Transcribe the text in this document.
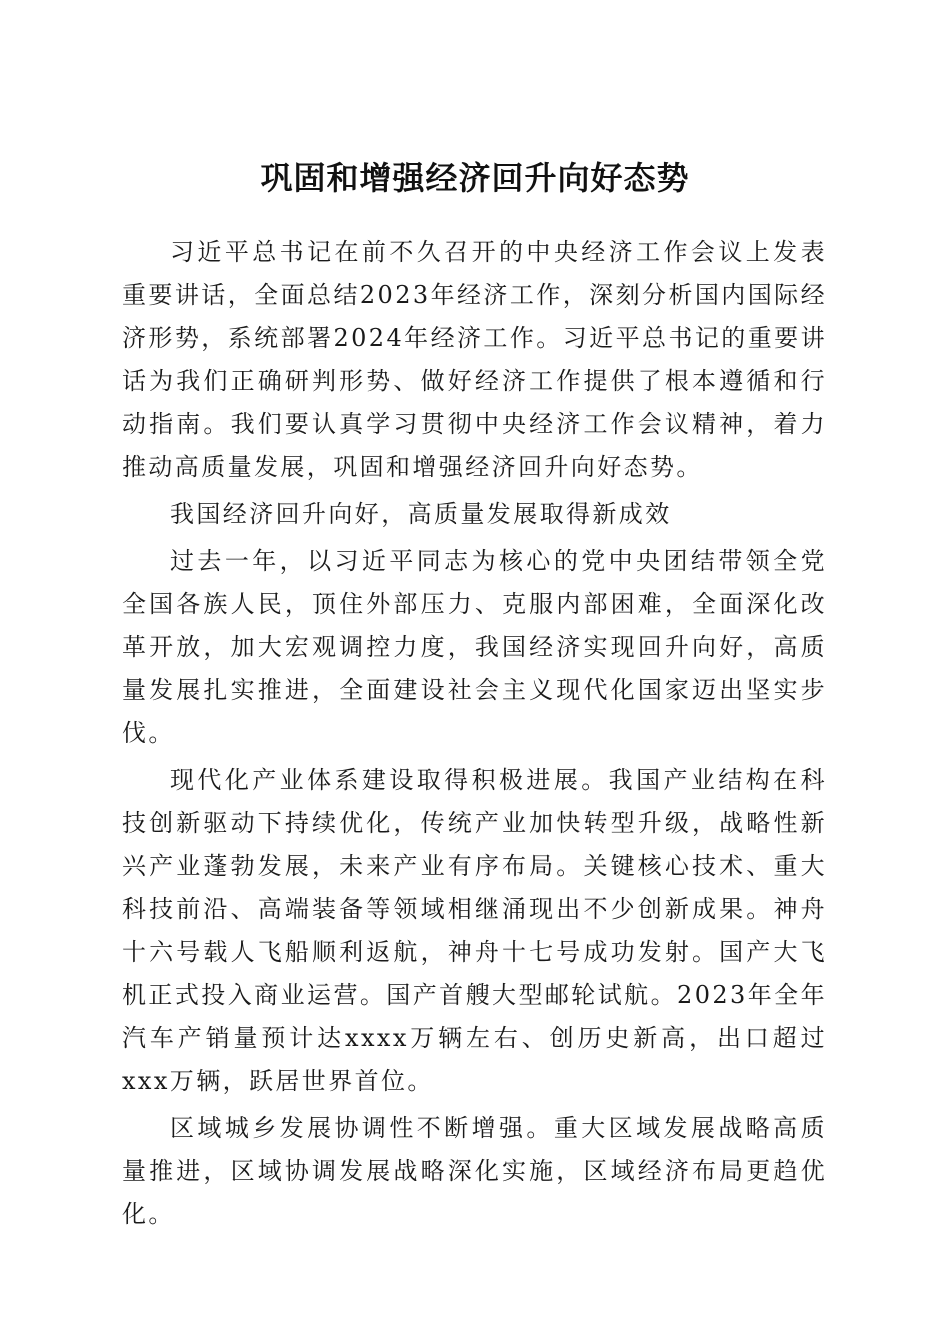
巩固和增强经济回升向好态势

习近平总书记在前不久召开的中央经济工作会议上发表重要讲话，全面总结2023年经济工作，深刻分析国内国际经济形势，系统部署2024年经济工作。习近平总书记的重要讲话为我们正确研判形势、做好经济工作提供了根本遵循和行动指南。我们要认真学习贯彻中央经济工作会议精神，着力推动高质量发展，巩固和增强经济回升向好态势。

我国经济回升向好，高质量发展取得新成效

过去一年，以习近平同志为核心的党中央团结带领全党全国各族人民，顶住外部压力、克服内部困难，全面深化改革开放，加大宏观调控力度，我国经济实现回升向好，高质量发展扎实推进，全面建设社会主义现代化国家迈出坚实步伐。

现代化产业体系建设取得积极进展。我国产业结构在科技创新驱动下持续优化，传统产业加快转型升级，战略性新兴产业蓬勃发展，未来产业有序布局。关键核心技术、重大科技前沿、高端装备等领域相继涌现出不少创新成果。神舟十六号载人飞船顺利返航，神舟十七号成功发射。国产大飞机正式投入商业运营。国产首艘大型邮轮试航。2023年全年汽车产销量预计达xxxx万辆左右、创历史新高，出口超过xxx万辆，跃居世界首位。

区域城乡发展协调性不断增强。重大区域发展战略高质量推进，区域协调发展战略深化实施，区域经济布局更趋优化。
